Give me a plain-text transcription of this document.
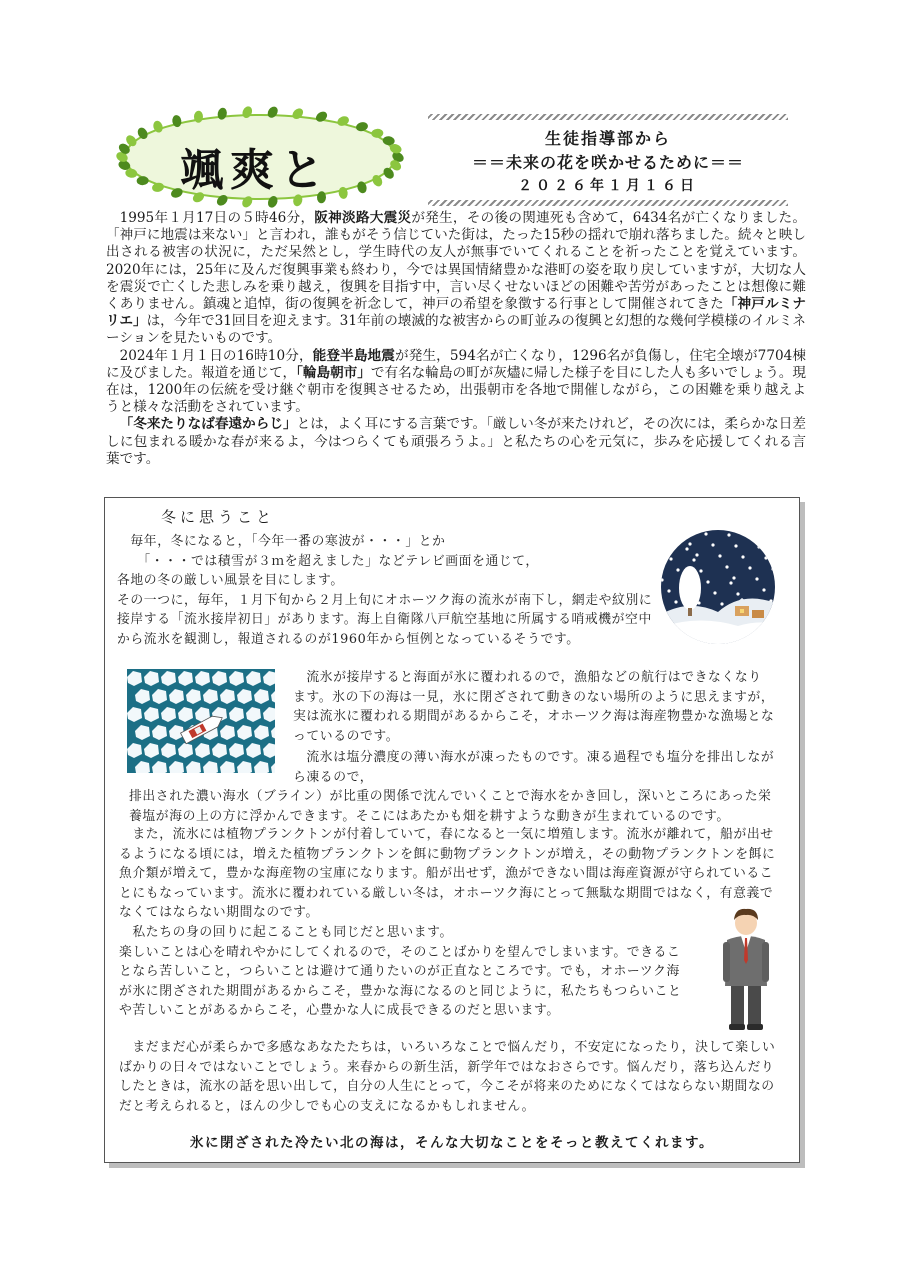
颯爽と
生徒指導部から
＝＝未来の花を咲かせるために＝＝
２０２６年１月１６日

1995年１月17日の５時46分，阪神淡路大震災が発生，その後の関連死も含めて，6434名が亡くなりました。「神戸に地震は来ない」と言われ，誰もがそう信じていた街は，たった15秒の揺れで崩れ落ちました。続々と映し出される被害の状況に，ただ呆然とし，学生時代の友人が無事でいてくれることを祈ったことを覚えています。2020年には，25年に及んだ復興事業も終わり，今では異国情緒豊かな港町の姿を取り戻していますが，大切な人を震災で亡くした悲しみを乗り越え，復興を目指す中，言い尽くせないほどの困難や苦労があったことは想像に難くありません。鎮魂と追悼，街の復興を祈念して，神戸の希望を象徴する行事として開催されてきた「神戸ルミナリエ」は，今年で31回目を迎えます。31年前の壊滅的な被害からの町並みの復興と幻想的な幾何学模様のイルミネーションを見たいものです。

2024年１月１日の16時10分，能登半島地震が発生，594名が亡くなり，1296名が負傷し，住宅全壊が7704棟に及びました。報道を通じて，「輪島朝市」で有名な輪島の町が灰燼に帰した様子を目にした人も多いでしょう。現在は，1200年の伝統を受け継ぐ朝市を復興させるため，出張朝市を各地で開催しながら，この困難を乗り越えようと様々な活動をされています。

「冬来たりなば春遠からじ」とは，よく耳にする言葉です。「厳しい冬が来たけれど，その次には，柔らかな日差しに包まれる暖かな春が来るよ，今はつらくても頑張ろうよ。」と私たちの心を元気に，歩みを応援してくれる言葉です。

冬に思うこと

　毎年，冬になると，「今年一番の寒波が・・・」とか

　　「・・・では積雪が３ｍを超えました」などテレビ画面を通じて，

各地の冬の厳しい風景を目にします。

その一つに，毎年，１月下旬から２月上旬にオホーツク海の流氷が南下し，網走や紋別に接岸する「流氷接岸初日」があります。海上自衛隊八戸航空基地に所属する哨戒機が空中から流氷を観測し，報道されるのが1960年から恒例となっているそうです。

　流氷が接岸すると海面が氷に覆われるので，漁船などの航行はできなくなります。氷の下の海は一見，氷に閉ざされて動きのない場所のように思えますが，実は流氷に覆われる期間があるからこそ，オホーツク海は海産物豊かな漁場となっているのです。
　流氷は塩分濃度の薄い海水が凍ったものです。凍る過程でも塩分を排出しながら凍るので，
排出された濃い海水（ブライン）が比重の関係で沈んでいくことで海水をかき回し，深いところにあった栄養塩が海の上の方に浮かんできます。そこにはあたかも畑を耕すような動きが生まれているのです。
　また，流氷には植物プランクトンが付着していて，春になると一気に増殖します。流氷が離れて，船が出せるようになる頃には，増えた植物プランクトンを餌に動物プランクトンが増え，その動物プランクトンを餌に魚介類が増えて，豊かな海産物の宝庫になります。船が出せず，漁ができない間は海産資源が守られていることにもなっています。流氷に覆われている厳しい冬は，オホーツク海にとって無駄な期間ではなく，有意義でなくてはならない期間なのです。

　私たちの身の回りに起こることも同じだと思います。

楽しいことは心を晴れやかにしてくれるので，そのことばかりを望んでしまいます。できることなら苦しいこと，つらいことは避けて通りたいのが正直なところです。でも，オホーツク海が氷に閉ざされた期間があるからこそ，豊かな海になるのと同じように，私たちもつらいことや苦しいことがあるからこそ，心豊かな人に成長できるのだと思います。

　まだまだ心が柔らかで多感なあなたたちは，いろいろなことで悩んだり，不安定になったり，決して楽しいばかりの日々ではないことでしょう。来春からの新生活，新学年ではなおさらです。悩んだり，落ち込んだりしたときは，流氷の話を思い出して，自分の人生にとって，今こそが将来のためになくてはならない期間なのだと考えられると，ほんの少しでも心の支えになるかもしれません。
氷に閉ざされた冷たい北の海は，そんな大切なことをそっと教えてくれます。
